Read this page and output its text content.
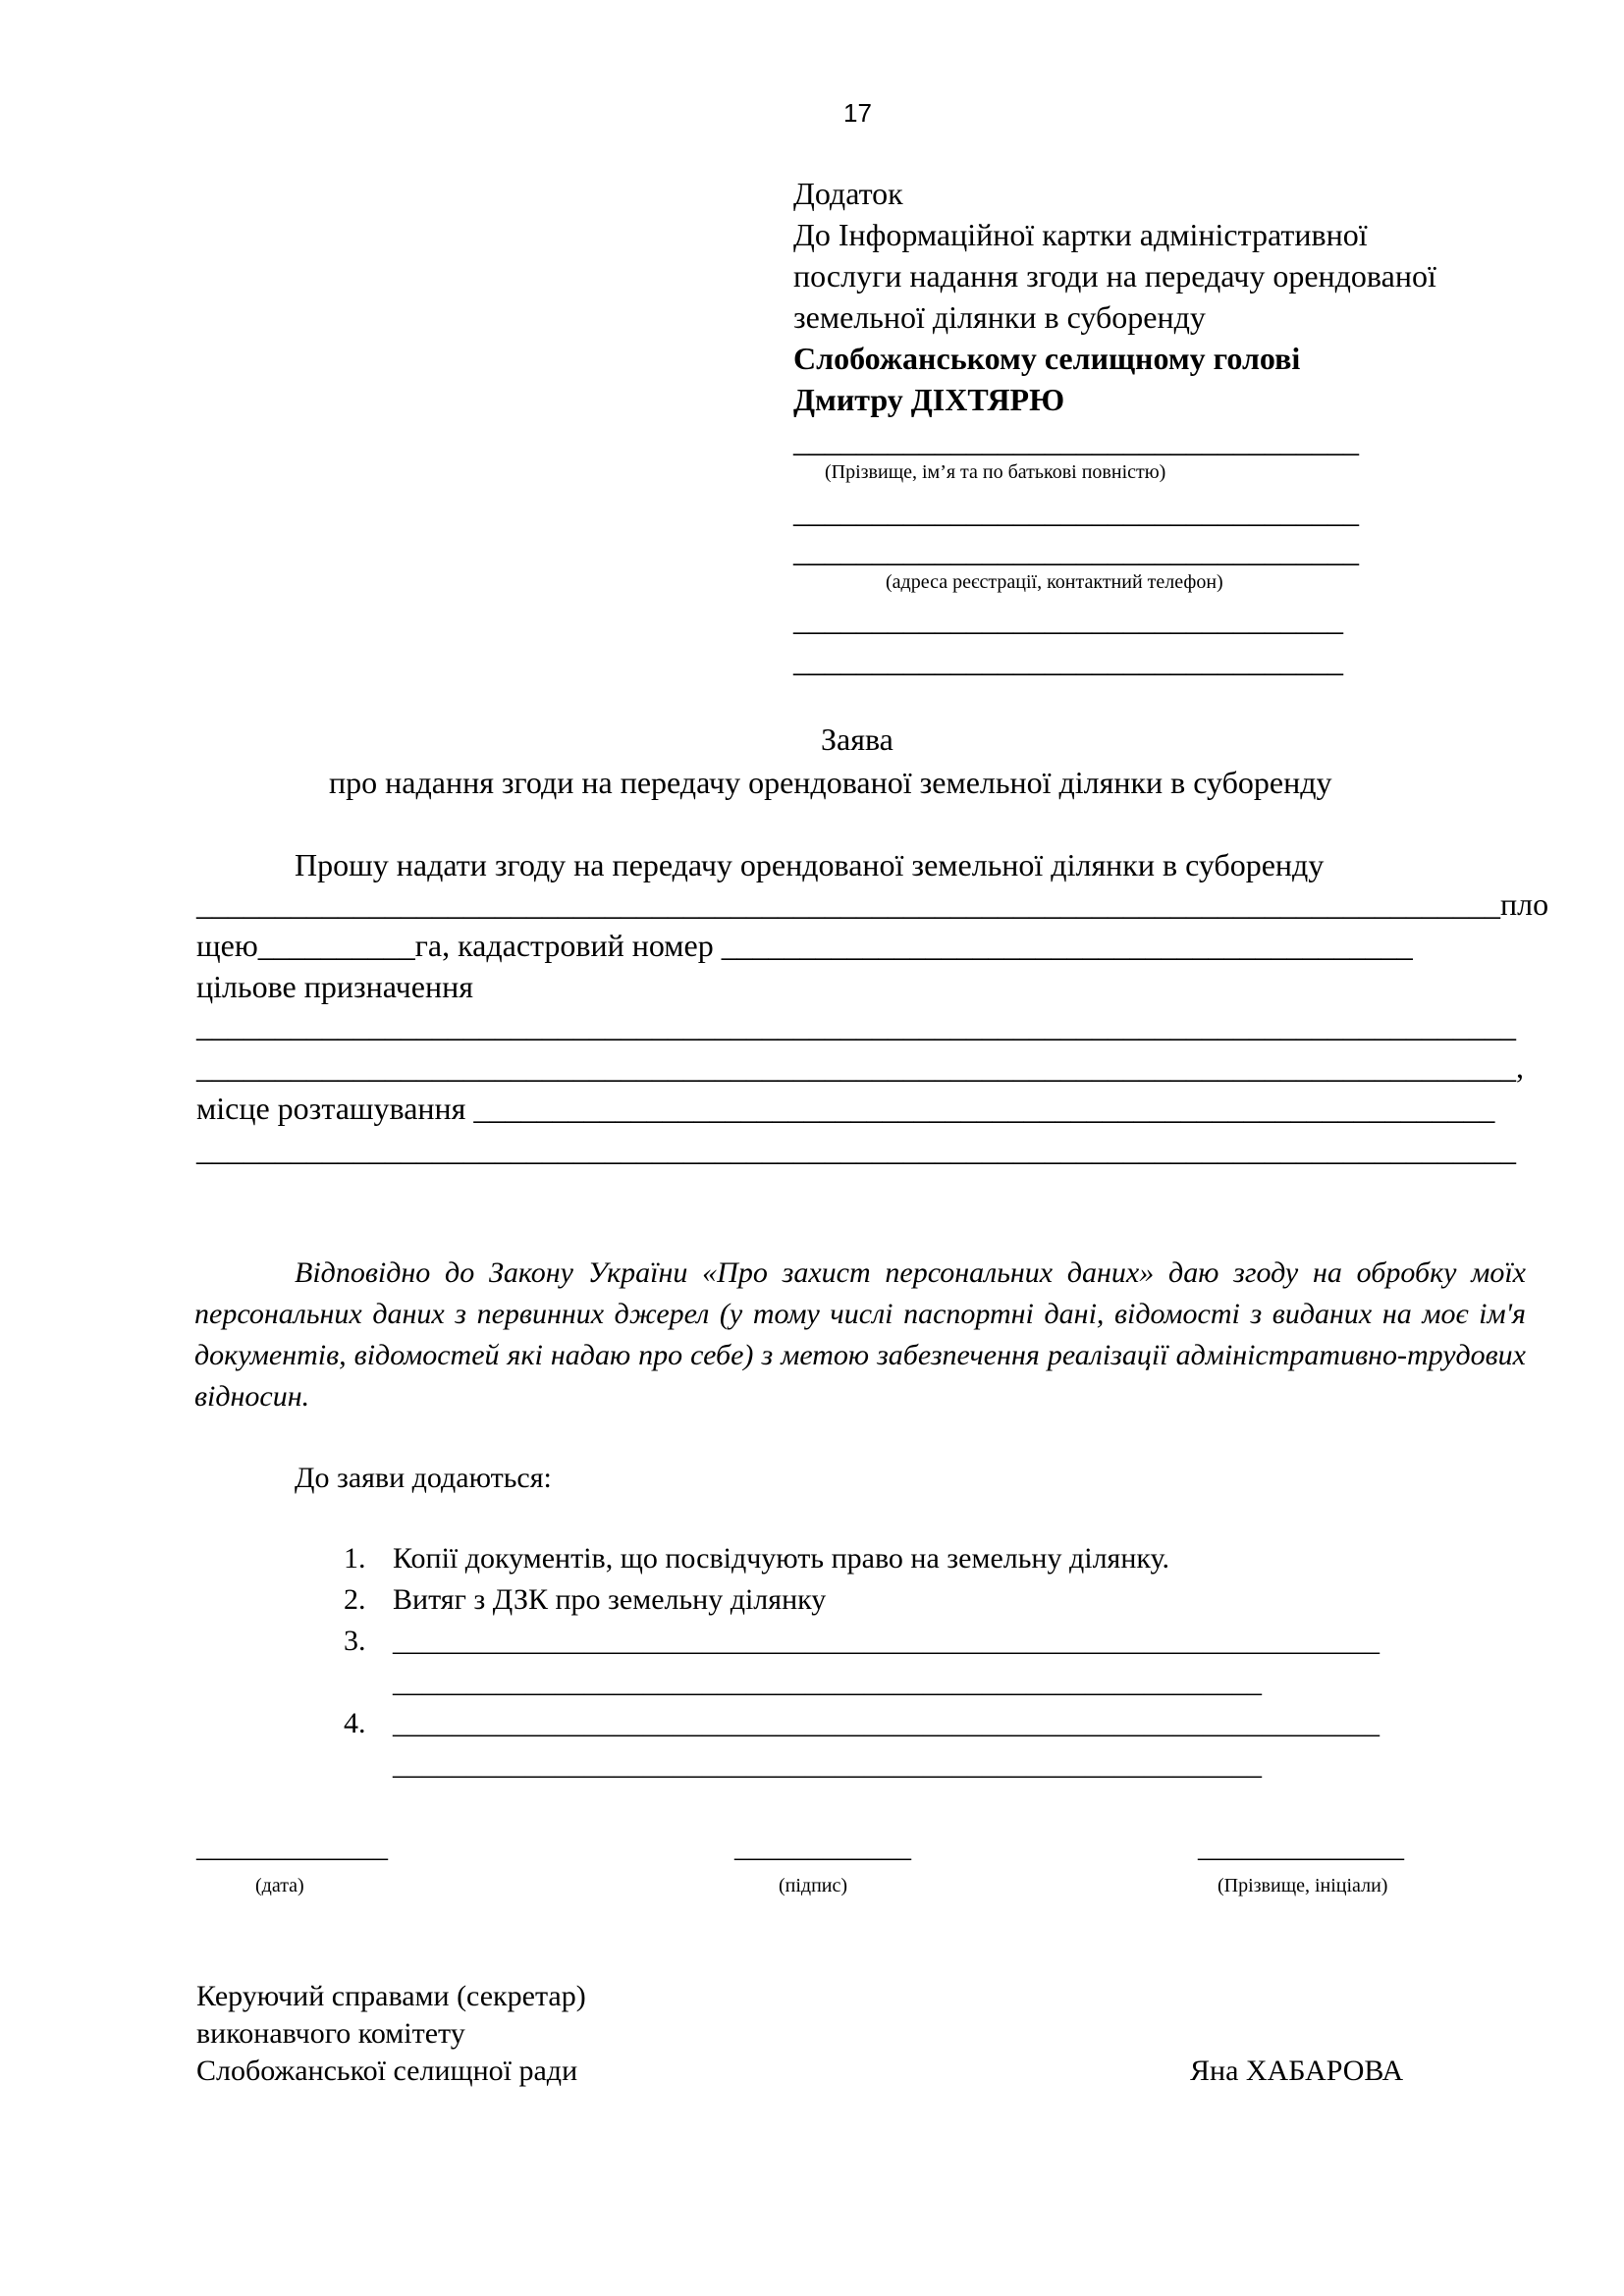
17
Додаток
До Інформаційної картки адміністративної
послуги надання згоди на передачу орендованої
земельної ділянки в суборенду
Слобожанському селищному голові
Дмитру ДІХТЯРЮ
____________________________________
(Прізвище, ім’я та по батькові повністю)
____________________________________
____________________________________
(адреса реєстрації, контактний телефон)
___________________________________
___________________________________
Заява
про надання згоди на передачу орендованої земельної ділянки в суборенду
Прошу надати згоду на передачу орендованої земельної ділянки в суборенду
___________________________________________________________________________________пло
щею__________га, кадастровий номер ____________________________________________
цільове призначення
____________________________________________________________________________________
____________________________________________________________________________________,
місце розташування _________________________________________________________________
____________________________________________________________________________________
Відповідно до Закону України «Про захист персональних даних» даю згоду на обробку моїх персональних даних з первинних джерел (у тому числі паспортні дані, відомості з виданих на моє ім'я документів, відомостей які надаю про себе) з метою забезпечення реалізації адміністративно-трудових відносин.
До заяви додаються:
1. Копії документів, що посвідчують право на земельну ділянку.
2. Витяг з ДЗК про земельну ділянку
3. ___________________________________________________________________
___________________________________________________________
4. ___________________________________________________________________
___________________________________________________________
_____________
(дата)
____________
(підпис)
______________
(Прізвище, ініціали)
Керуючий справами (секретар)
виконавчого комітету
Слобожанської селищної ради	Яна ХАБАРОВА
